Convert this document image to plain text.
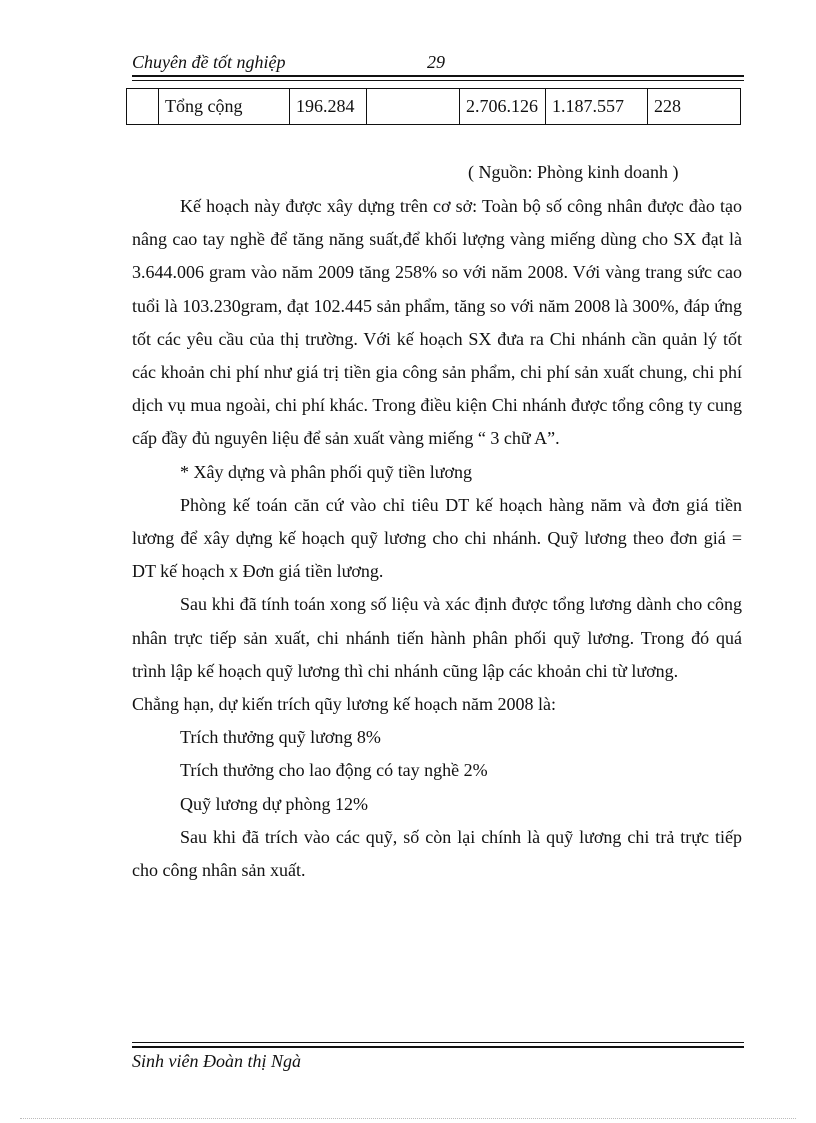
Chuyên đề tốt nghiệp	29
	Tổng cộng	196.284		2.706.126	1.187.557	228
( Nguồn: Phòng kinh doanh )

Kế hoạch này được xây dựng trên cơ sở: Toàn bộ số công nhân được đào tạo nâng cao tay nghề để tăng năng suất,để khối lượng vàng miếng dùng cho SX đạt là 3.644.006 gram vào năm 2009 tăng 258% so với năm 2008. Với vàng trang sức cao tuổi là 103.230gram, đạt 102.445 sản phẩm, tăng so với năm 2008 là 300%, đáp ứng tốt các yêu cầu của thị trường. Với kế hoạch SX đưa ra Chi nhánh cần quản lý tốt các khoản chi phí như giá trị tiền gia công sản phẩm, chi phí sản xuất chung, chi phí dịch vụ mua ngoài, chi phí khác. Trong điều kiện Chi nhánh được tổng công ty cung cấp đầy đủ nguyên liệu để sản xuất vàng miếng “ 3 chữ A”.

* Xây dựng và phân phối quỹ tiền lương

Phòng kế toán căn cứ vào chỉ tiêu DT kế hoạch hàng năm và đơn giá tiền lương để xây dựng kế hoạch quỹ lương cho chi nhánh. Quỹ lương theo đơn giá = DT kế hoạch x Đơn giá tiền lương.

Sau khi đã tính toán xong số liệu và xác định được tổng lương dành cho công nhân trực tiếp sản xuất, chi nhánh tiến hành phân phối quỹ lương. Trong đó quá trình lập kế hoạch quỹ lương thì chi nhánh cũng lập các khoản chi từ lương.

Chẳng hạn, dự kiến trích qũy lương kế hoạch năm 2008 là:

Trích thưởng quỹ lương 8%

Trích thưởng cho lao động có tay nghề 2%

Quỹ lương dự phòng 12%

Sau khi đã trích vào các quỹ, số còn lại chính là quỹ lương chi trả trực tiếp cho công nhân sản xuất.

Sinh viên Đoàn thị Ngà
